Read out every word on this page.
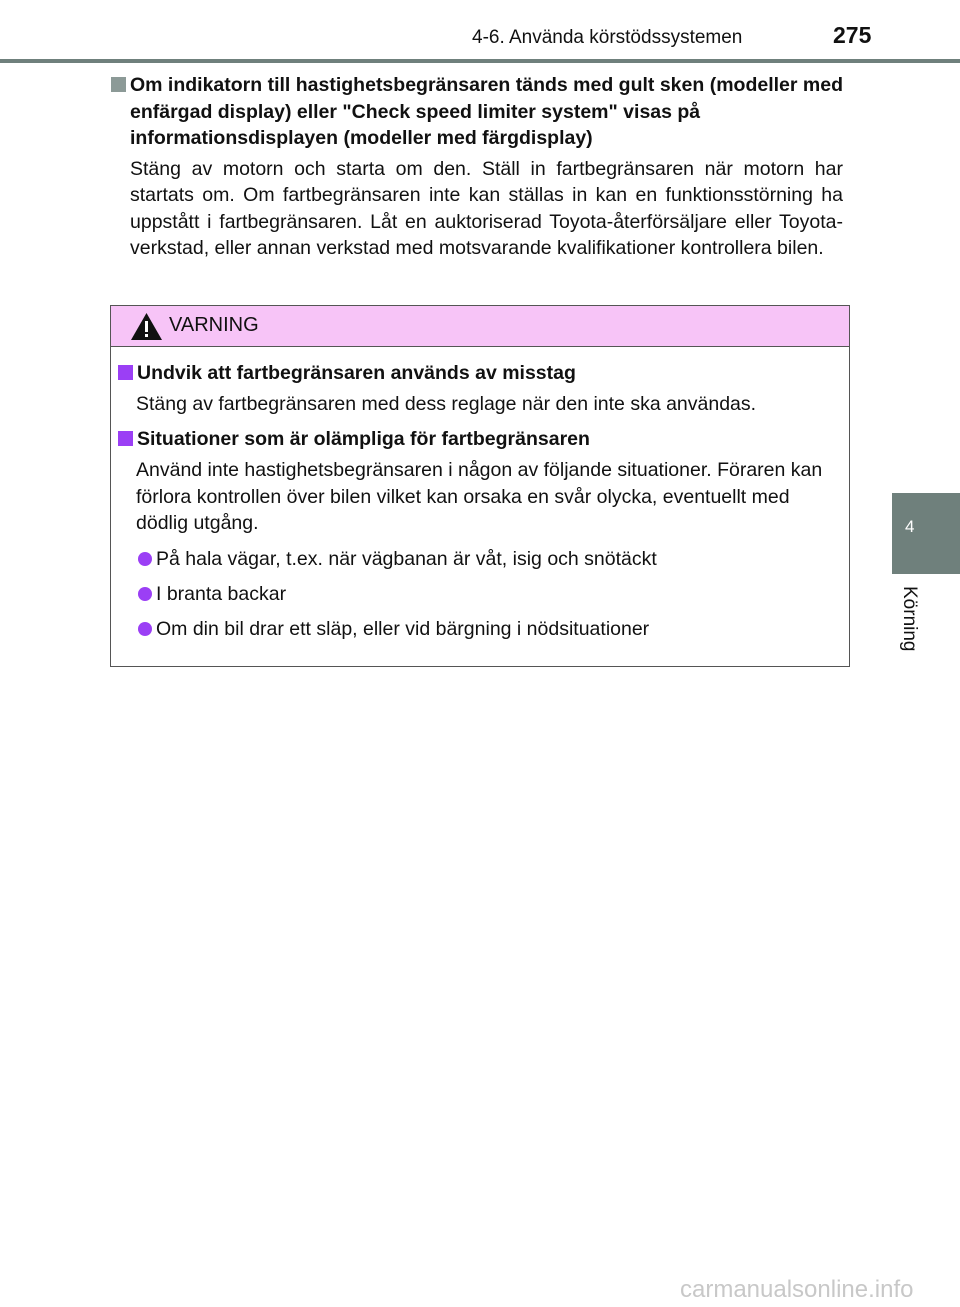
4-6. Använda körstödssystemen	275
Om indikatorn till hastighetsbegränsaren tänds med gult sken (modeller med enfärgad display) eller "Check speed limiter system" visas på informationsdisplayen (modeller med färgdisplay)
Stäng av motorn och starta om den. Ställ in fartbegränsaren när motorn har startats om. Om fartbegränsaren inte kan ställas in kan en funktionsstörning ha uppstått i fartbegränsaren. Låt en auktoriserad Toyota-återförsäljare eller Toyota-verkstad, eller annan verkstad med motsvarande kvalifikationer kontrollera bilen.
VARNING
Undvik att fartbegränsaren används av misstag
Stäng av fartbegränsaren med dess reglage när den inte ska användas.
Situationer som är olämpliga för fartbegränsaren
Använd inte hastighetsbegränsaren i någon av följande situationer. Föraren kan förlora kontrollen över bilen vilket kan orsaka en svår olycka, eventuellt med dödlig utgång.
På hala vägar, t.ex. när vägbanan är våt, isig och snötäckt
I branta backar
Om din bil drar ett släp, eller vid bärgning i nödsituationer
4
Körning
carmanualsonline.info
